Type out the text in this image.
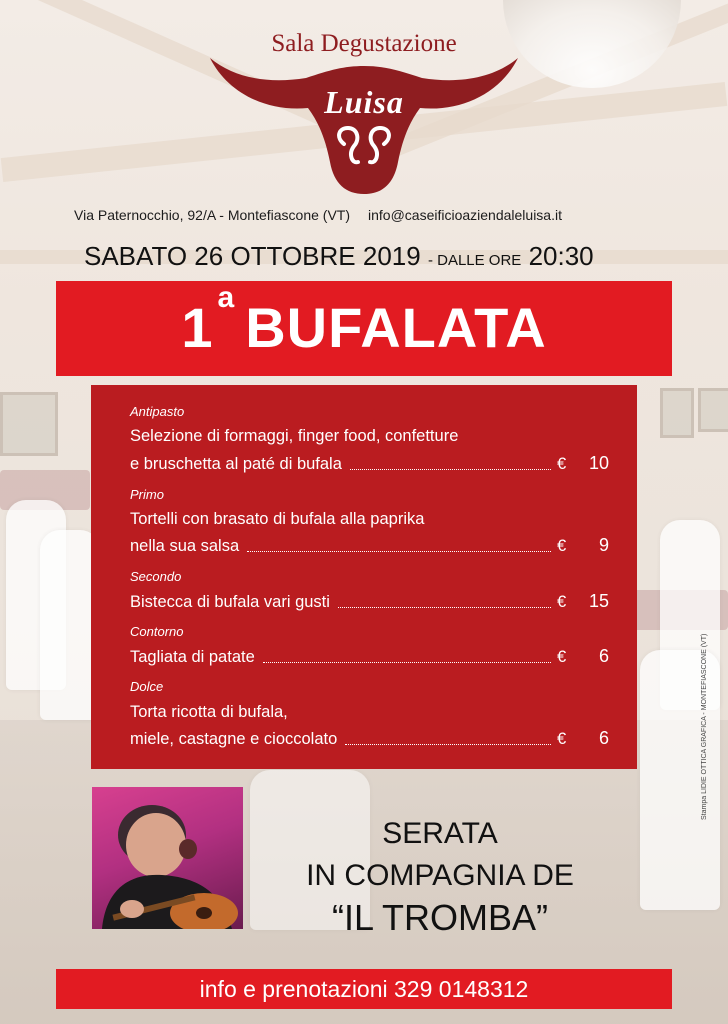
Sala Degustazione
Luisa
Via Paternocchio, 92/A - Montefiascone (VT) info@caseificioaziendaleluisa.it
SABATO 26 OTTOBRE 2019 - DALLE ORE 20:30
1 $^a$ BUFALATA
Antipasto
Selezione di formaggi, finger food, confetture
e bruschetta al paté di bufala	€	10
Primo
Tortelli con brasato di bufala alla paprika
nella sua salsa	€	9
Secondo
Bistecca di bufala vari gusti	€	15
Contorno
Tagliata di patate	€	6
Dolce
Torta ricotta di bufala,
miele, castagne e cioccolato	€	6
SERATA
IN COMPAGNIA DE
“IL TROMBA”
info e prenotazioni 329 0148312
